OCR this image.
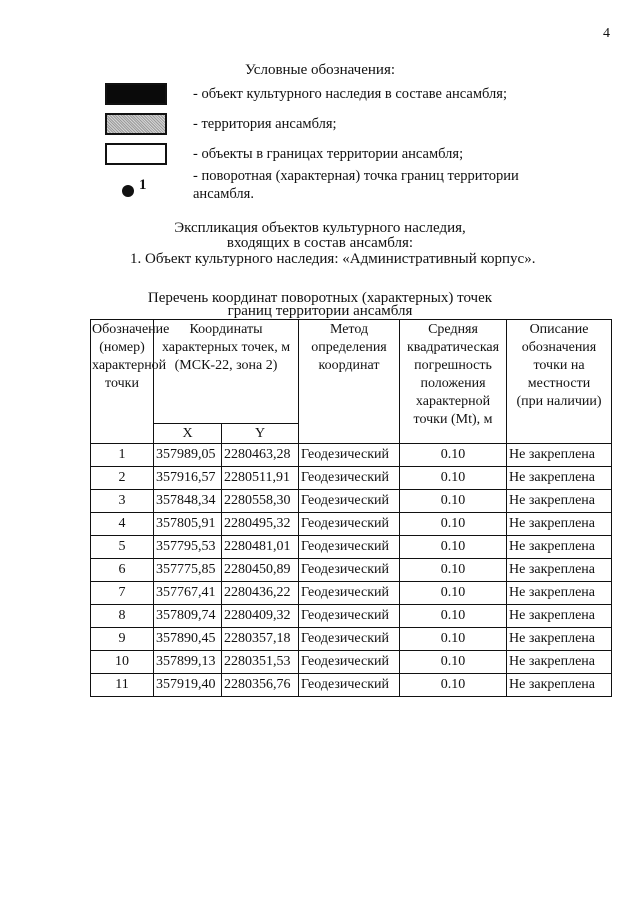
4
Условные обозначения:
- объект культурного наследия в составе ансамбля;
- территория ансамбля;
- объекты в границах территории ансамбля;
1
- поворотная (характерная) точка границ территории ансамбля.
Экспликация объектов культурного наследия,
входящих в состав ансамбля:
1. Объект культурного наследия: «Административный корпус».
Перечень координат поворотных (характерных) точек
границ территории ансамбля
Обозначение (номер) характерной точки	Координаты характерных точек, м (МСК-22, зона 2)		Метод определения координат	Средняя квадратическая погрешность положения характерной точки (Mt), м	Описание обозначения точки на местности (при наличии)
	X	Y			
1	357989,05	2280463,28	Геодезический	0.10	Не закреплена
2	357916,57	2280511,91	Геодезический	0.10	Не закреплена
3	357848,34	2280558,30	Геодезический	0.10	Не закреплена
4	357805,91	2280495,32	Геодезический	0.10	Не закреплена
5	357795,53	2280481,01	Геодезический	0.10	Не закреплена
6	357775,85	2280450,89	Геодезический	0.10	Не закреплена
7	357767,41	2280436,22	Геодезический	0.10	Не закреплена
8	357809,74	2280409,32	Геодезический	0.10	Не закреплена
9	357890,45	2280357,18	Геодезический	0.10	Не закреплена
10	357899,13	2280351,53	Геодезический	0.10	Не закреплена
11	357919,40	2280356,76	Геодезический	0.10	Не закреплена
